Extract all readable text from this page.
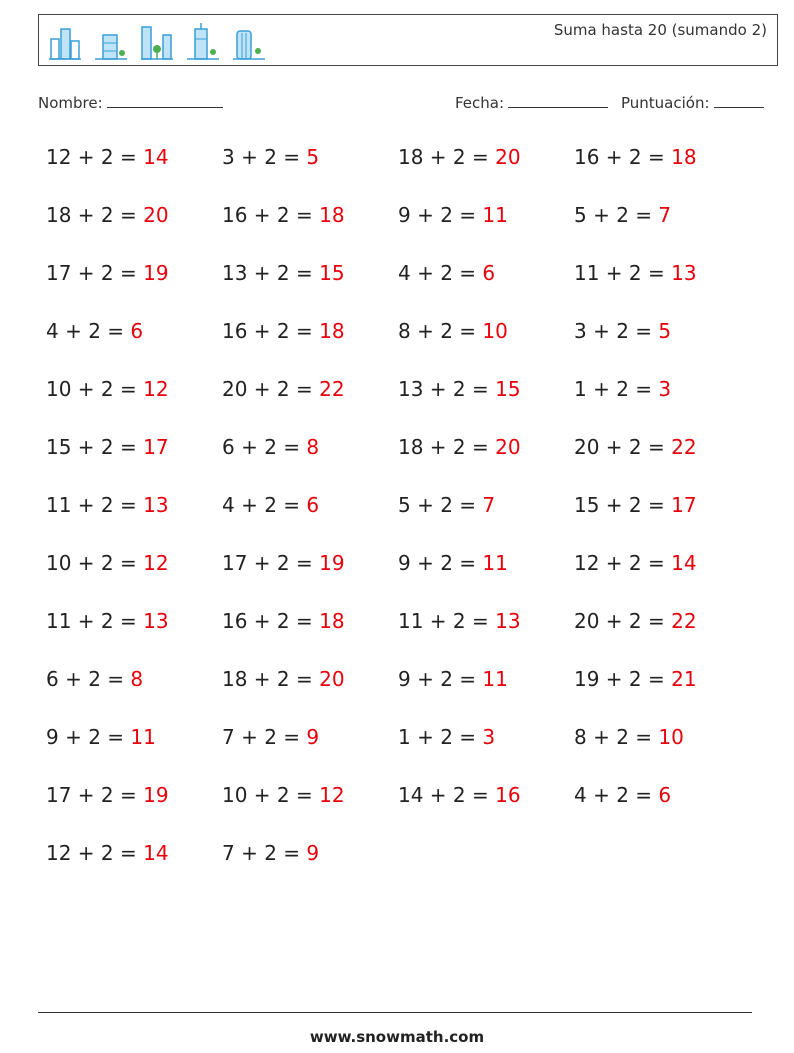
Suma hasta 20 (sumando 2)
Nombre:	Fecha:	Puntuación:
12 + 2 = 14	3 + 2 = 5	18 + 2 = 20	16 + 2 = 18
18 + 2 = 20	16 + 2 = 18	9 + 2 = 11	5 + 2 = 7
17 + 2 = 19	13 + 2 = 15	4 + 2 = 6	11 + 2 = 13
4 + 2 = 6	16 + 2 = 18	8 + 2 = 10	3 + 2 = 5
10 + 2 = 12	20 + 2 = 22	13 + 2 = 15	1 + 2 = 3
15 + 2 = 17	6 + 2 = 8	18 + 2 = 20	20 + 2 = 22
11 + 2 = 13	4 + 2 = 6	5 + 2 = 7	15 + 2 = 17
10 + 2 = 12	17 + 2 = 19	9 + 2 = 11	12 + 2 = 14
11 + 2 = 13	16 + 2 = 18	11 + 2 = 13	20 + 2 = 22
6 + 2 = 8	18 + 2 = 20	9 + 2 = 11	19 + 2 = 21
9 + 2 = 11	7 + 2 = 9	1 + 2 = 3	8 + 2 = 10
17 + 2 = 19	10 + 2 = 12	14 + 2 = 16	4 + 2 = 6
12 + 2 = 14	7 + 2 = 9
www.snowmath.com
